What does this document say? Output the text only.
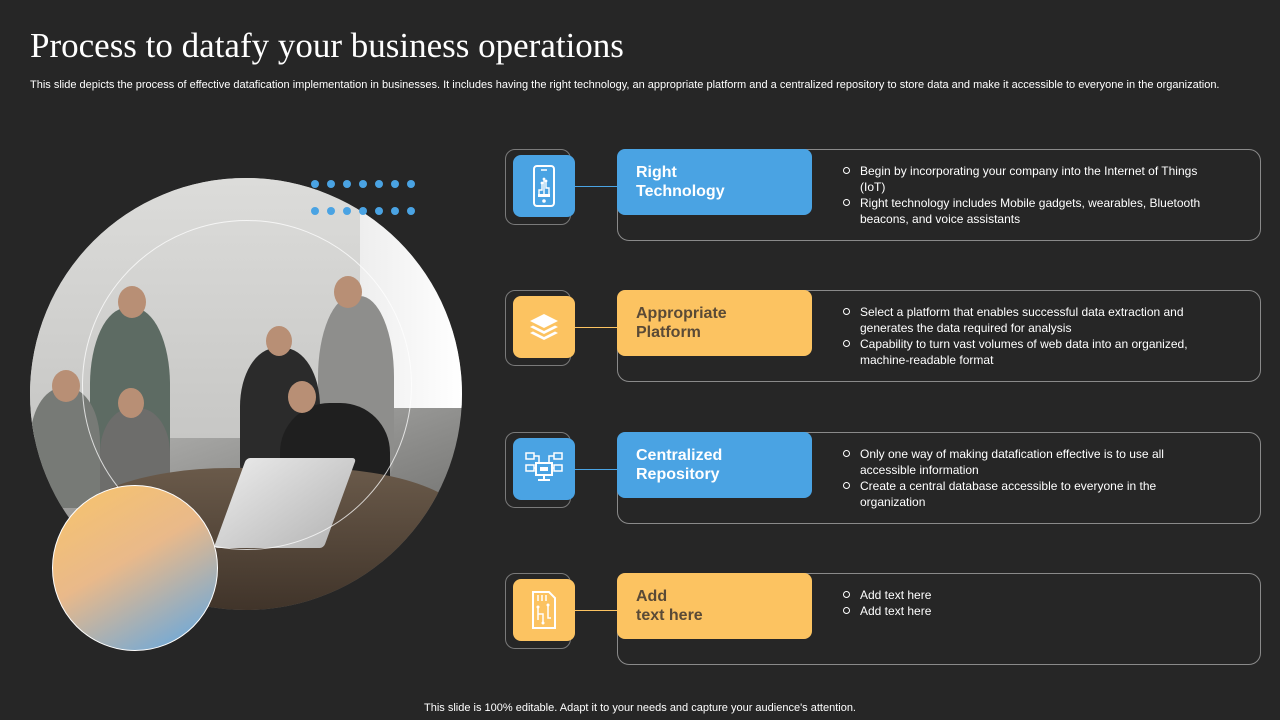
Process to datafy your business operations

This slide depicts the process of effective datafication implementation in businesses. It includes having the right technology, an appropriate platform and a centralized repository to store data and make it accessible to everyone in the organization.

Right
Technology
Begin by incorporating your company into the Internet of Things (IoT)
Right technology includes Mobile gadgets, wearables, Bluetooth beacons, and voice assistants
Appropriate
Platform
Select a platform that enables successful data extraction and generates the data required for analysis
Capability to turn vast volumes of web data into an organized, machine-readable format
Centralized
Repository
Only one way of making datafication effective is to use all accessible information
Create a central database accessible to everyone in the organization
Add
text here
Add text here
Add text here
This slide is 100% editable. Adapt it to your needs and capture your audience's attention.
